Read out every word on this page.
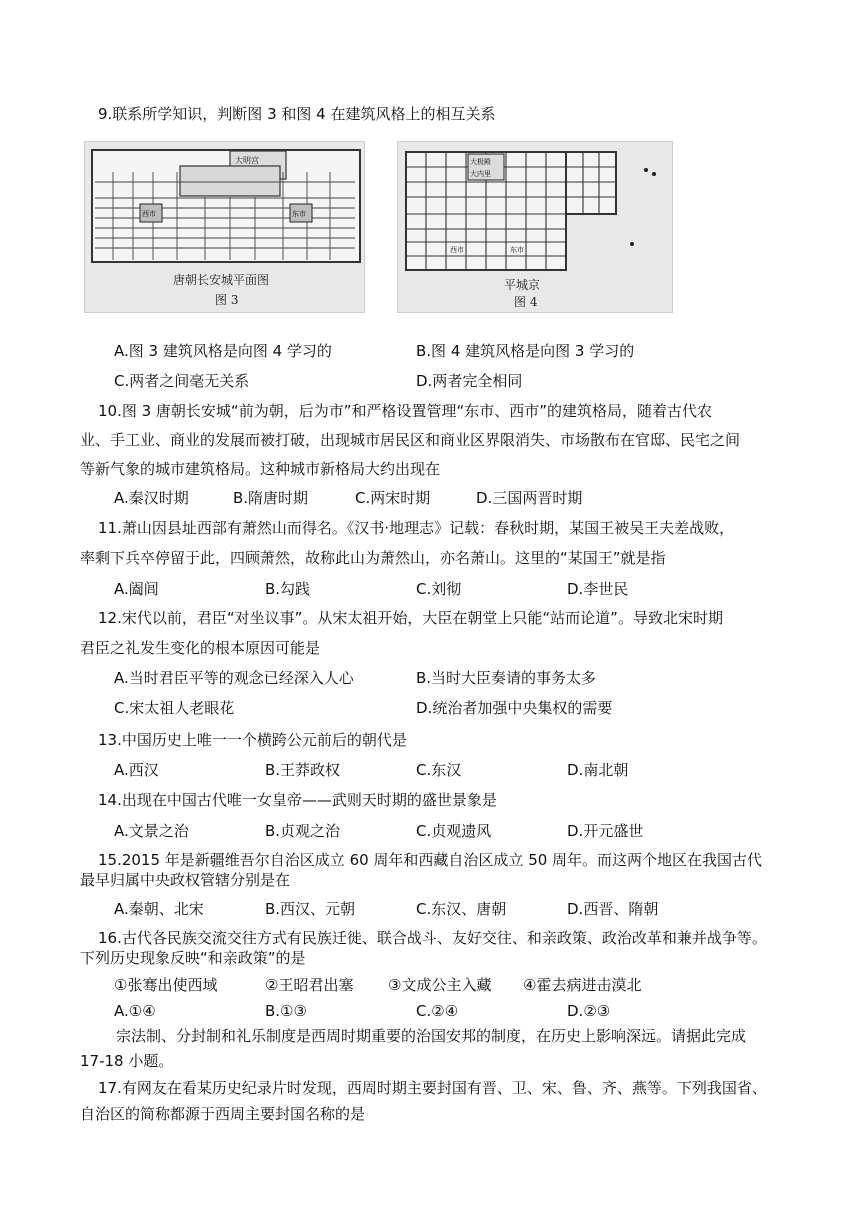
9.联系所学知识，判断图 3 和图 4 在建筑风格上的相互关系
大明宫
西市	东市
唐朝长安城平面图
图 3
大极殿
大内里
东市
西市
平城京
图 4
A.图 3 建筑风格是向图 4 学习的	B.图 4 建筑风格是向图 3 学习的
C.两者之间毫无关系	D.两者完全相同
10.图 3 唐朝长安城“前为朝，后为市”和严格设置管理“东市、西市”的建筑格局，随着古代农
业、手工业、商业的发展而被打破，出现城市居民区和商业区界限消失、市场散布在官邸、民宅之间
等新气象的城市建筑格局。这种城市新格局大约出现在
A.秦汉时期	B.隋唐时期	C.两宋时期	D.三国两晋时期
11.萧山因县址西部有萧然山而得名。《汉书·地理志》记载：春秋时期，某国王被吴王夫差战败，
率剩下兵卒停留于此，四顾萧然，故称此山为萧然山，亦名萧山。这里的“某国王”就是指
A.阖闾	B.勾践	C.刘彻	D.李世民
12.宋代以前，君臣“对坐议事”。从宋太祖开始，大臣在朝堂上只能“站而论道”。导致北宋时期
君臣之礼发生变化的根本原因可能是
A.当时君臣平等的观念已经深入人心	B.当时大臣奏请的事务太多
C.宋太祖人老眼花	D.统治者加强中央集权的需要
13.中国历史上唯一一个横跨公元前后的朝代是
A.西汉	B.王莽政权	C.东汉	D.南北朝
14.出现在中国古代唯一女皇帝——武则天时期的盛世景象是
A.文景之治	B.贞观之治	C.贞观遗风	D.开元盛世
15.2015 年是新疆维吾尔自治区成立 60 周年和西藏自治区成立 50 周年。而这两个地区在我国古代
最早归属中央政权管辖分别是在
A.秦朝、北宋	B.西汉、元朝	C.东汉、唐朝	D.西晋、隋朝
16.古代各民族交流交往方式有民族迁徙、联合战斗、友好交往、和亲政策、政治改革和兼并战争等。
下列历史现象反映“和亲政策”的是
①张骞出使西域	②王昭君出塞 ③文成公主入藏 ④霍去病进击漠北
A.①④	B.①③	C.②④	D.②③
宗法制、分封制和礼乐制度是西周时期重要的治国安邦的制度，在历史上影响深远。请据此完成
17-18 小题。
17.有网友在看某历史纪录片时发现，西周时期主要封国有晋、卫、宋、鲁、齐、燕等。下列我国省、
自治区的简称都源于西周主要封国名称的是
